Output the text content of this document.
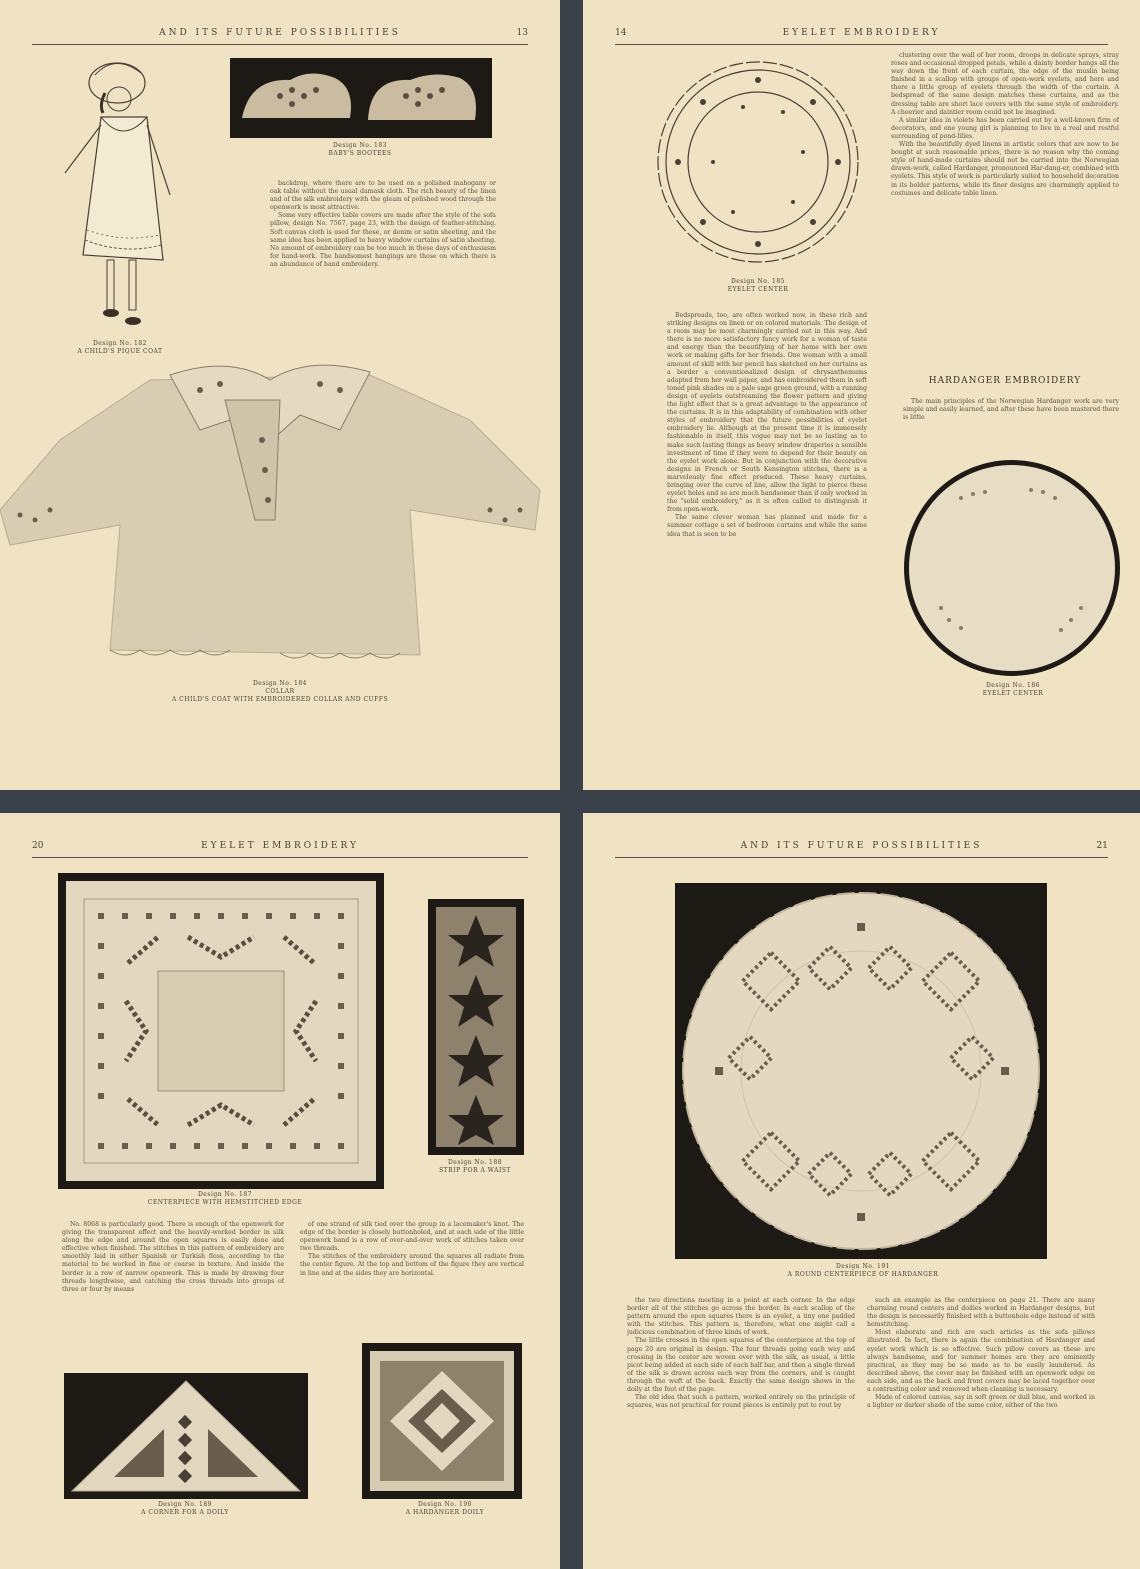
AND ITS FUTURE POSSIBILITIES	13
Design No. 182
A CHILD'S PIQUE COAT
Design No. 183
BABY'S BOOTEES

backdrop, where there are to be used on a polished mahogany or oak table without the usual damask cloth. The rich beauty of the linen and of the silk embroidery with the gleam of polished wood through the openwork is most attractive.

Some very effective table covers are made after the style of the sofa pillow, design No. 7567, page 23, with the design of feather-stitching. Soft canvas cloth is used for these, or denim or satin sheeting, and the same idea has been applied to heavy window curtains of satin sheeting. No amount of embroidery can be too much in these days of enthusiasm for hand-work. The handsomest hangings are those on which there is an abundance of hand embroidery.

Design No. 184
COLLAR
A CHILD'S COAT WITH EMBROIDERED COLLAR AND CUFFS
14	EYELET EMBROIDERY
Design No. 185
EYELET CENTER

clustering over the wall of her room, droops in delicate sprays, stray roses and occasional dropped petals, while a dainty border hangs all the way down the front of each curtain, the edge of the muslin being finished in a scallop with groups of open-work eyelets, and here and there a little group of eyelets through the width of the curtain. A bedspread of the same design matches these curtains, and as the dressing table are short lace covers with the same style of embroidery. A cheerier and daintier room could not be imagined.

A similar idea in violets has been carried out by a well-known firm of decorators, and one young girl is planning to live in a real and restful surrounding of pond-lilies.

With the beautifully dyed linens in artistic colors that are now to be bought at such reasonable prices, there is no reason why the coming style of hand-made curtains should not be carried into the Norwegian drawn-work, called Hardanger, pronounced Har-dang-er, combined with eyelets. This style of work is particularly suited to household decoration in its bolder patterns, while its finer designs are charmingly applied to costumes and delicate table linen.

Bedspreads, too, are often worked now, in these rich and striking designs on linen or on colored materials. The design of a room may be most charmingly carried out in this way. And there is no more satisfactory fancy work for a woman of taste and energy than the beautifying of her home with her own work or making gifts for her friends. One woman with a small amount of skill with her pencil has sketched on her curtains as a border a conventionalized design of chrysanthemums adapted from her wall paper, and has embroidered them in soft toned pink shades on a pale sage green ground, with a running design of eyelets outstreaming the flower pattern and giving the light effect that is a great advantage to the appearance of the curtains. It is in this adaptability of combination with other styles of embroidery that the future possibilities of eyelet embroidery lie. Although at the present time it is immensely fashionable in itself, this vogue may not be so lasting as to make such lasting things as heavy window draperies a sensible investment of time if they were to depend for their beauty on the eyelet work alone. But in conjunction with the decorative designs in French or South Kensington stitches, there is a marvelously fine effect produced. These heavy curtains, bringing over the curve of line, allow the light to pierce these eyelet holes and so are much handsomer than if only worked in the "solid embroidery," as it is often called to distinguish it from open-work.

The same clever woman has planned and made for a summer cottage a set of bedroom curtains and while the same idea that is seen to be

HARDANGER EMBROIDERY

The main principles of the Norwegian Hardanger work are very simple and easily learned, and after these have been mastered there is little

Design No. 186
EYELET CENTER
20	EYELET EMBROIDERY
Design No. 187
CENTERPIECE WITH HEMSTITCHED EDGE
Design No. 188
STRIP FOR A WAIST

No. 8068 is particularly good. There is enough of the openwork for giving the transparent effect and the heavily-worked border in silk along the edge and around the open squares is easily done and effective when finished. The stitches in this pattern of embroidery are smoothly laid in either Spanish or Turkish floss, according to the material to be worked in fine or coarse in texture. And inside the border is a row of narrow openwork. This is made by drawing four threads lengthwise, and catching the cross threads into groups of three or four by means

of one strand of silk tied over the group in a lacemaker's knot. The edge of the border is closely buttonholed, and at each side of the little openwork band is a row of over-and-over work of stitches taken over two threads.

The stitches of the embroidery around the squares all radiate from the center figure. At the top and bottom of the figure they are vertical in line and at the sides they are horizontal.

Design No. 189
A CORNER FOR A DOILY
Design No. 190
A HARDANGER DOILY
AND ITS FUTURE POSSIBILITIES	21
Design No. 191
A ROUND CENTERPIECE OF HARDANGER

the two directions meeting in a point at each corner. In the edge border all of the stitches go across the border. In each scallop of the pattern around the open squares there is an eyelet, a tiny one padded with the stitches. This pattern is, therefore, what one might call a judicious combination of three kinds of work.

The little crosses in the open squares of the centerpiece at the top of page 20 are original in design. The four threads going each way and crossing in the center are woven over with the silk, as usual, a little picot being added at each side of each half bar, and then a single thread of the silk is drawn across each way from the corners, and is caught through the weft at the back. Exactly the same design shows in the doily at the foot of the page.

The old idea that such a pattern, worked entirely on the principle of squares, was not practical for round pieces is entirely put to rout by

such an example as the centerpiece on page 21. There are many charming round centers and doilies worked in Hardanger designs, but the design is necessarily finished with a buttonhole edge instead of with hemstitching.

Most elaborate and rich are such articles as the sofa pillows illustrated. In fact, there is again the combination of Hardanger and eyelet work which is so effective. Such pillow covers as these are always handsome, and for summer homes are they are eminently practical, as they may be so made as to be easily laundered. As described above, the cover may be finished with an openwork edge on each side, and as the back and front covers may be laced together over a contrasting color and removed when cleaning is necessary.

Made of colored canvas, say in soft green or dull blue, and worked in a lighter or darker shade of the same color, either of the two
